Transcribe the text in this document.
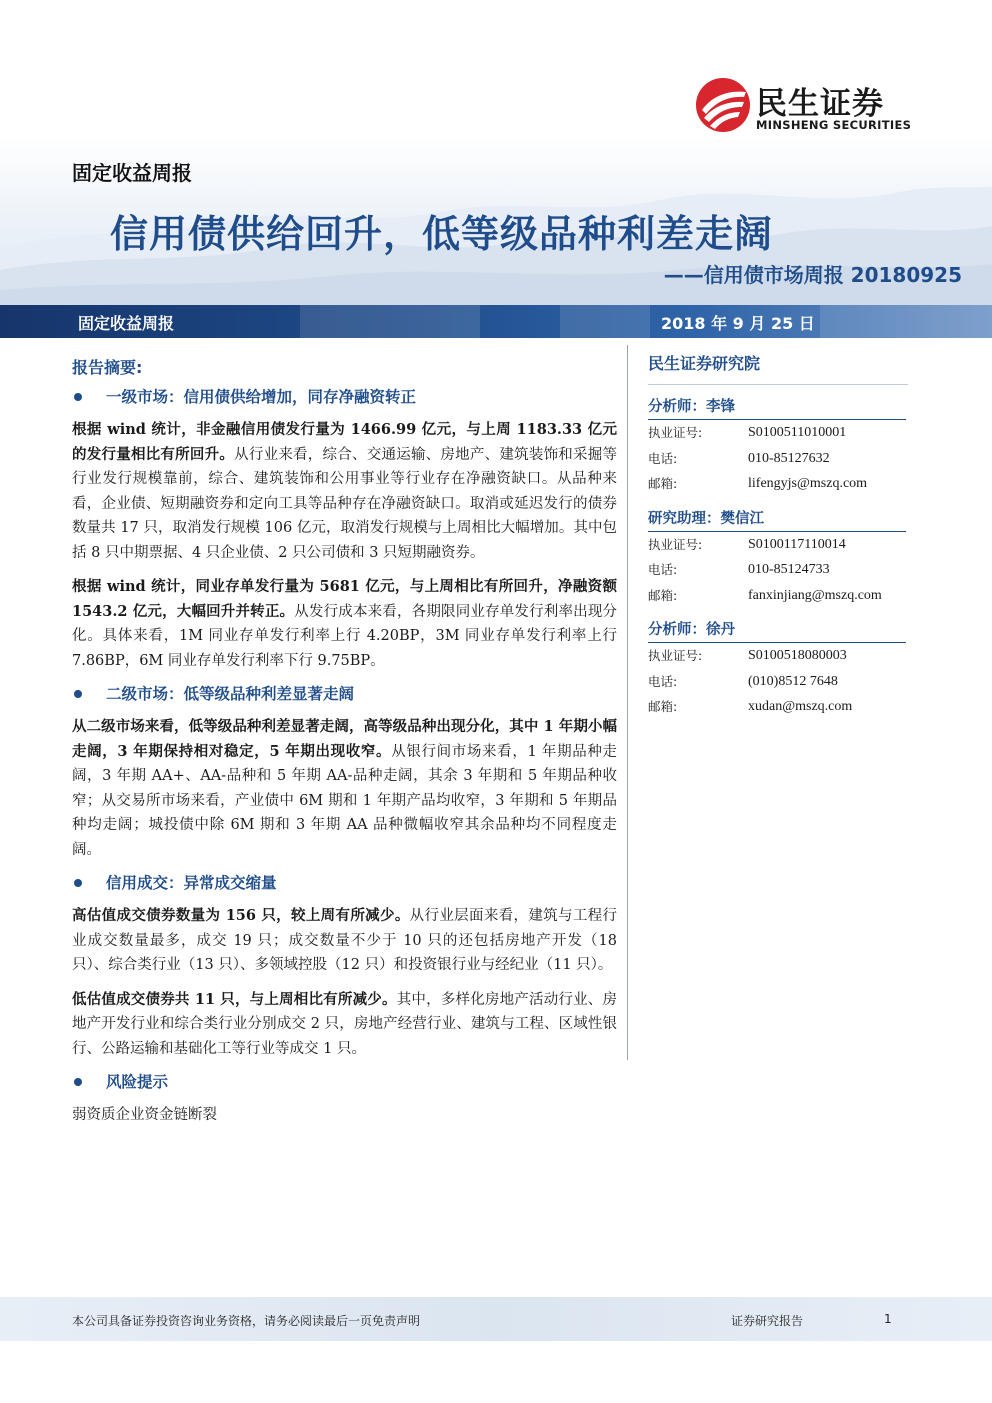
民生证券
MINSHENG SECURITIES
固定收益周报
信用债供给回升，低等级品种利差走阔
——信用债市场周报 20180925
固定收益周报	2018 年 9 月 25 日
报告摘要:
一级市场：信用债供给增加，同存净融资转正

根据 wind 统计，非金融信用债发行量为 1466.99 亿元，与上周 1183.33 亿元的发行量相比有所回升。从行业来看，综合、交通运输、房地产、建筑装饰和采掘等行业发行规模靠前，综合、建筑装饰和公用事业等行业存在净融资缺口。从品种来看，企业债、短期融资券和定向工具等品种存在净融资缺口。取消或延迟发行的债券数量共 17 只，取消发行规模 106 亿元，取消发行规模与上周相比大幅增加。其中包括 8 只中期票据、4 只企业债、2 只公司债和 3 只短期融资券。

根据 wind 统计，同业存单发行量为 5681 亿元，与上周相比有所回升，净融资额 1543.2 亿元，大幅回升并转正。从发行成本来看，各期限同业存单发行利率出现分化。具体来看，1M 同业存单发行利率上行 4.20BP，3M 同业存单发行利率上行 7.86BP，6M 同业存单发行利率下行 9.75BP。

二级市场：低等级品种利差显著走阔

从二级市场来看，低等级品种利差显著走阔，高等级品种出现分化，其中 1 年期小幅走阔，3 年期保持相对稳定，5 年期出现收窄。从银行间市场来看，1 年期品种走阔，3 年期 AA+、AA-品种和 5 年期 AA-品种走阔，其余 3 年期和 5 年期品种收窄；从交易所市场来看，产业债中 6M 期和 1 年期产品均收窄，3 年期和 5 年期品种均走阔；城投债中除 6M 期和 3 年期 AA 品种微幅收窄其余品种均不同程度走阔。

信用成交：异常成交缩量

高估值成交债券数量为 156 只，较上周有所减少。从行业层面来看，建筑与工程行业成交数量最多，成交 19 只；成交数量不少于 10 只的还包括房地产开发（18 只）、综合类行业（13 只）、多领域控股（12 只）和投资银行业与经纪业（11 只）。

低估值成交债券共 11 只，与上周相比有所减少。其中，多样化房地产活动行业、房地产开发行业和综合类行业分别成交 2 只，房地产经营行业、建筑与工程、区域性银行、公路运输和基础化工等行业等成交 1 只。

风险提示
弱资质企业资金链断裂
民生证券研究院
分析师：李锋
执业证号:	S0100511010001
电话:	010-85127632
邮箱:	lifengyjs@mszq.com
研究助理：樊信江
执业证号:	S0100117110014
电话:	010-85124733
邮箱:	fanxinjiang@mszq.com
分析师：徐丹
执业证号:	S0100518080003
电话:	(010)8512 7648
邮箱:	xudan@mszq.com
本公司具备证券投资咨询业务资格，请务必阅读最后一页免责声明	证券研究报告	1
